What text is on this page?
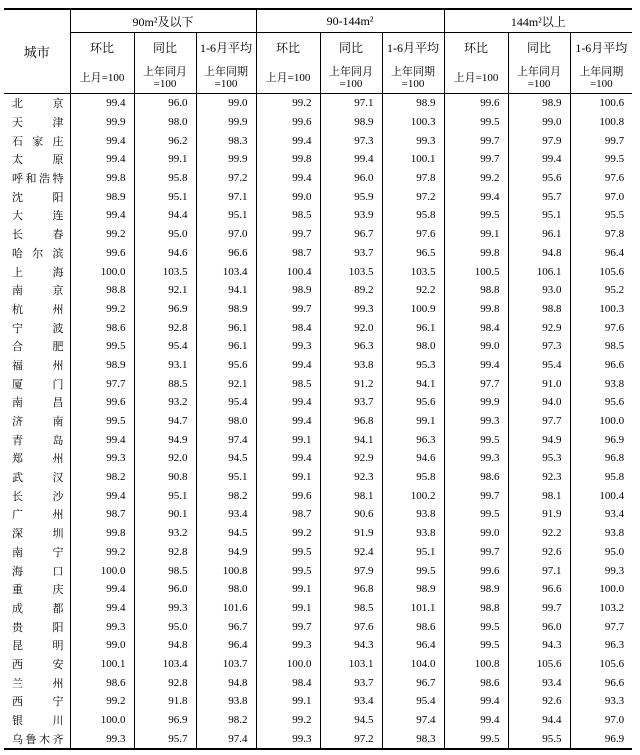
城市	90m²及以下			90-144m²			144m²以上		
	环比	同比	1-6月平均	环比	同比	1-6月平均	环比	同比	1-6月平均
	上月=100	上年同月=100	上年同期=100	上月=100	上年同月=100	上年同期=100	上月=100	上年同月=100	上年同期=100
北京	99.4	96.0	99.0	99.2	97.1	98.9	99.6	98.9	100.6
天津	99.9	98.0	99.9	99.6	98.9	100.3	99.5	99.0	100.8
石家庄	99.4	96.2	98.3	99.4	97.3	99.3	99.7	97.9	99.7
太原	99.4	99.1	99.9	99.8	99.4	100.1	99.7	99.4	99.5
呼和浩特	99.8	95.8	97.2	99.4	96.0	97.8	99.2	95.6	97.6
沈阳	98.9	95.1	97.1	99.0	95.9	97.2	99.4	95.7	97.0
大连	99.4	94.4	95.1	98.5	93.9	95.8	99.5	95.1	95.5
长春	99.2	95.0	97.0	99.7	96.7	97.6	99.1	96.1	97.8
哈尔滨	99.6	94.6	96.6	98.7	93.7	96.5	99.8	94.8	96.4
上海	100.0	103.5	103.4	100.4	103.5	103.5	100.5	106.1	105.6
南京	98.8	92.1	94.1	98.9	89.2	92.2	98.8	93.0	95.2
杭州	99.2	96.9	98.9	99.7	99.3	100.9	99.8	98.8	100.3
宁波	98.6	92.8	96.1	98.4	92.0	96.1	98.4	92.9	97.6
合肥	99.5	95.4	96.1	99.3	96.3	98.0	99.0	97.3	98.5
福州	98.9	93.1	95.6	99.4	93.8	95.3	99.4	95.4	96.6
厦门	97.7	88.5	92.1	98.5	91.2	94.1	97.7	91.0	93.8
南昌	99.6	93.2	95.4	99.4	93.7	95.6	99.9	94.0	95.6
济南	99.5	94.7	98.0	99.4	96.8	99.1	99.3	97.7	100.0
青岛	99.4	94.9	97.4	99.1	94.1	96.3	99.5	94.9	96.9
郑州	99.3	92.0	94.5	99.4	92.9	94.6	99.3	95.3	96.8
武汉	98.2	90.8	95.1	99.1	92.3	95.8	98.6	92.3	95.8
长沙	99.4	95.1	98.2	99.6	98.1	100.2	99.7	98.1	100.4
广州	98.7	90.1	93.4	98.7	90.6	93.8	99.5	91.9	93.4
深圳	99.8	93.2	94.5	99.2	91.9	93.8	99.0	92.2	93.8
南宁	99.2	92.8	94.9	99.5	92.4	95.1	99.7	92.6	95.0
海口	100.0	98.5	100.8	99.5	97.9	99.5	99.6	97.1	99.3
重庆	99.4	96.0	98.0	99.1	96.8	98.9	98.9	96.6	100.0
成都	99.4	99.3	101.6	99.1	98.5	101.1	98.8	99.7	103.2
贵阳	99.3	95.0	96.7	99.7	97.6	98.6	99.5	96.0	97.7
昆明	99.0	94.8	96.4	99.3	94.3	96.4	99.5	94.3	96.3
西安	100.1	103.4	103.7	100.0	103.1	104.0	100.8	105.6	105.6
兰州	98.6	92.8	94.8	98.4	93.7	96.7	98.6	93.4	96.6
西宁	99.2	91.8	93.8	99.1	93.4	95.4	99.4	92.6	93.3
银川	100.0	96.9	98.2	99.2	94.5	97.4	99.4	94.4	97.0
乌鲁木齐	99.3	95.7	97.4	99.3	97.2	98.3	99.5	95.5	96.9
